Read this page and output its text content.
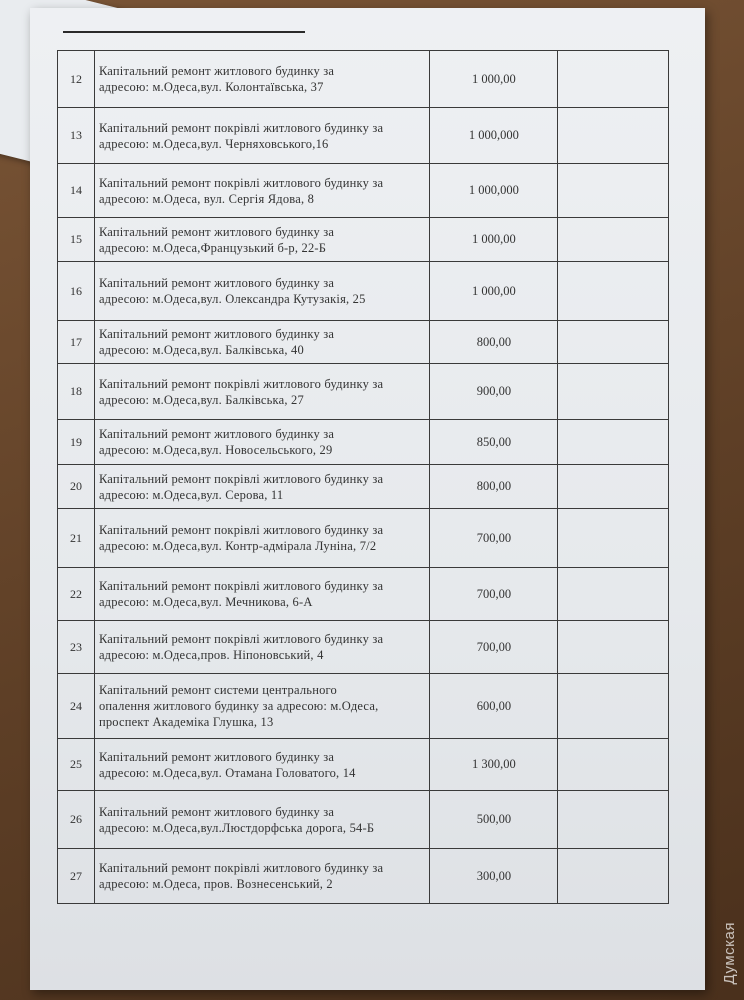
12	Капітальний ремонт житлового будинку за
адресою: м.Одеса,вул. Колонтаївська, 37	1 000,00	
13	Капітальний ремонт покрівлі житлового будинку за
адресою: м.Одеса,вул. Черняховського,16	1 000,000	
14	Капітальний ремонт покрівлі житлового будинку за
адресою: м.Одеса, вул. Сергія Ядова, 8	1 000,000	
15	Капітальний ремонт житлового будинку за
адресою: м.Одеса,Французький б-р, 22-Б	1 000,00	
16	Капітальний ремонт житлового будинку за
адресою: м.Одеса,вул. Олександра Кутузакія, 25	1 000,00	
17	Капітальний ремонт житлового будинку за
адресою: м.Одеса,вул. Балківська, 40	800,00	
18	Капітальний ремонт покрівлі житлового будинку за
адресою: м.Одеса,вул. Балківська, 27	900,00	
19	Капітальний ремонт житлового будинку за
адресою: м.Одеса,вул. Новосельського, 29	850,00	
20	Капітальний ремонт покрівлі житлового будинку за
адресою: м.Одеса,вул. Серова, 11	800,00	
21	Капітальний ремонт покрівлі житлового будинку за
адресою: м.Одеса,вул. Контр-адмірала Луніна, 7/2	700,00	
22	Капітальний ремонт покрівлі житлового будинку за
адресою: м.Одеса,вул. Мечникова, 6-А	700,00	
23	Капітальний ремонт покрівлі житлового будинку за
адресою: м.Одеса,пров. Ніпоновський, 4	700,00	
24	Капітальний ремонт системи центрального
опалення житлового будинку за адресою: м.Одеса,
проспект Академіка Глушка, 13	600,00	
25	Капітальний ремонт житлового будинку за
адресою: м.Одеса,вул. Отамана Головатого, 14	1 300,00	
26	Капітальний ремонт житлового будинку за
адресою: м.Одеса,вул.Люстдорфська дорога, 54-Б	500,00	
27	Капітальний ремонт покрівлі житлового будинку за
адресою: м.Одеса, пров. Вознесенський, 2	300,00	
Думская
